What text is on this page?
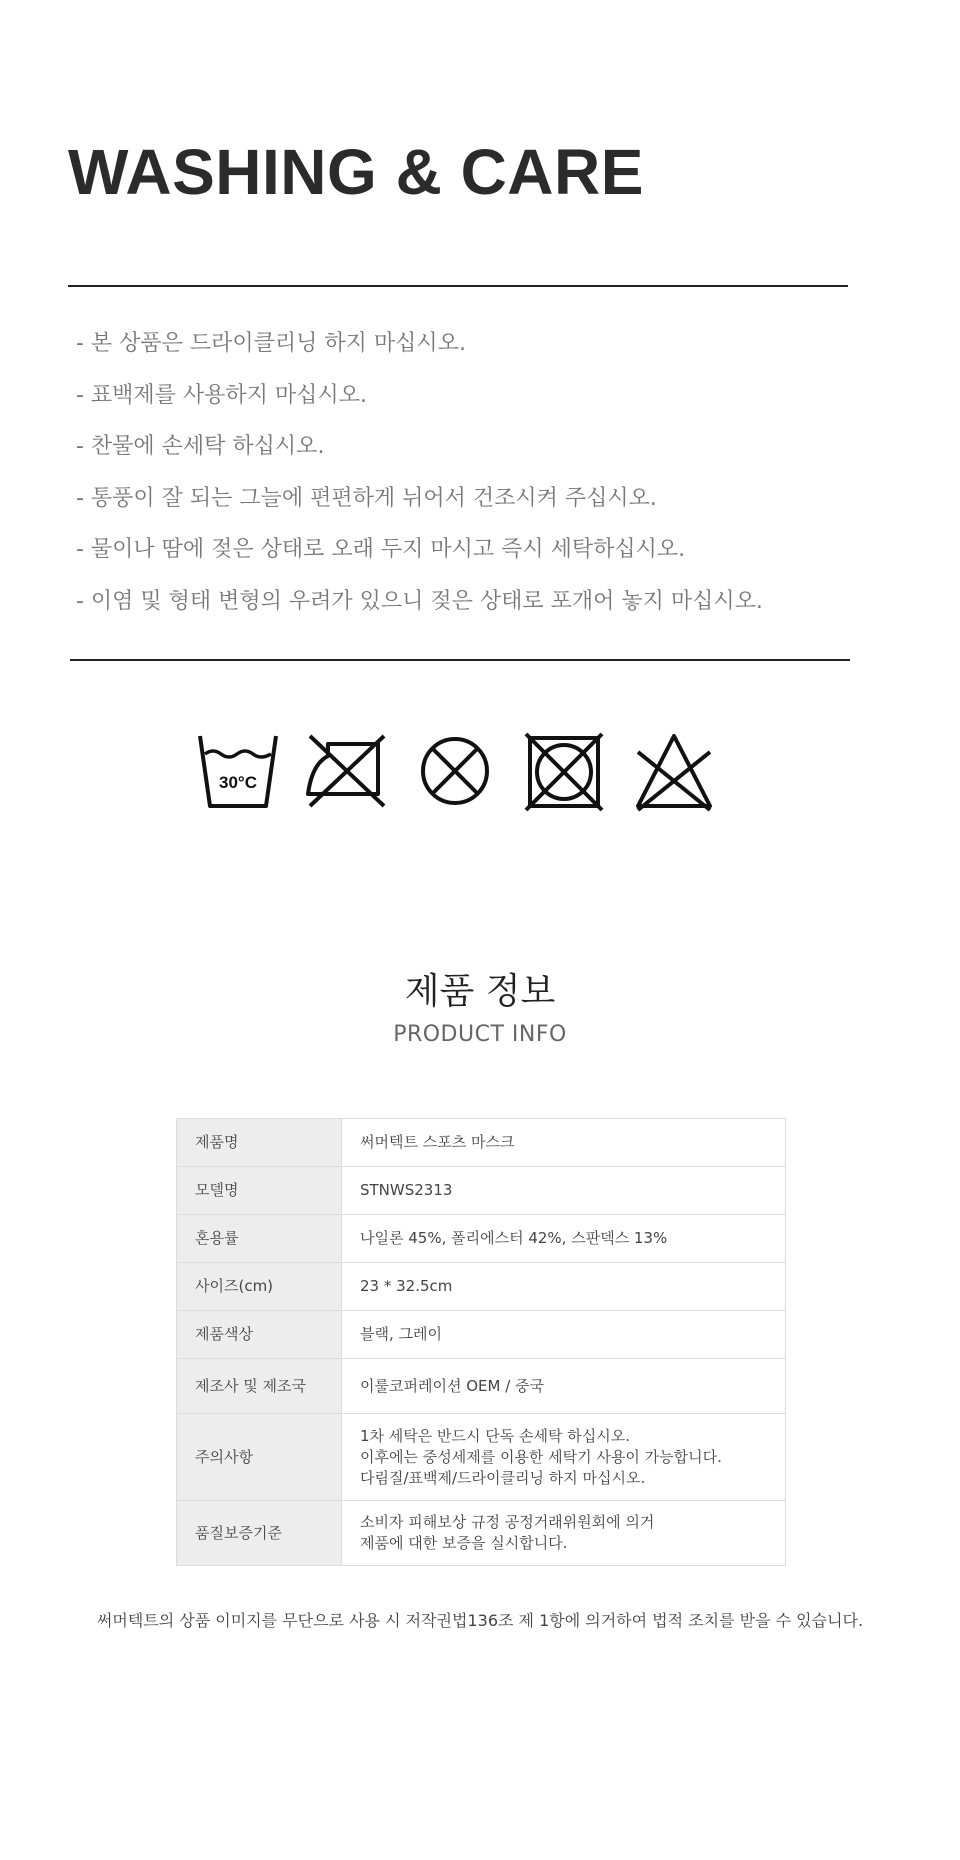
WASHING & CARE
- 본 상품은 드라이클리닝 하지 마십시오.
- 표백제를 사용하지 마십시오.
- 찬물에 손세탁 하십시오.
- 통풍이 잘 되는 그늘에 편편하게 뉘어서 건조시켜 주십시오.
- 물이나 땀에 젖은 상태로 오래 두지 마시고 즉시 세탁하십시오.
- 이염 및 형태 변형의 우려가 있으니 젖은 상태로 포개어 놓지 마십시오.
30°C
제품 정보
PRODUCT INFO
제품명	써머텍트 스포츠 마스크

모델명	STNWS2313

혼용률	나일론 45%, 폴리에스터 42%, 스판덱스 13%

사이즈(cm)	23 * 32.5cm

제품색상	블랙, 그레이

제조사 및 제조국	이룰코퍼레이션 OEM / 중국

주의사항	1차 세탁은 반드시 단독 손세탁 하십시오.
이후에는 중성세제를 이용한 세탁기 사용이 가능합니다.
다림질/표백제/드라이클리닝 하지 마십시오.

품질보증기준	소비자 피해보상 규정 공정거래위원회에 의거
제품에 대한 보증을 실시합니다.
써머텍트의 상품 이미지를 무단으로 사용 시 저작권법136조 제 1항에 의거하여 법적 조치를 받을 수 있습니다.
